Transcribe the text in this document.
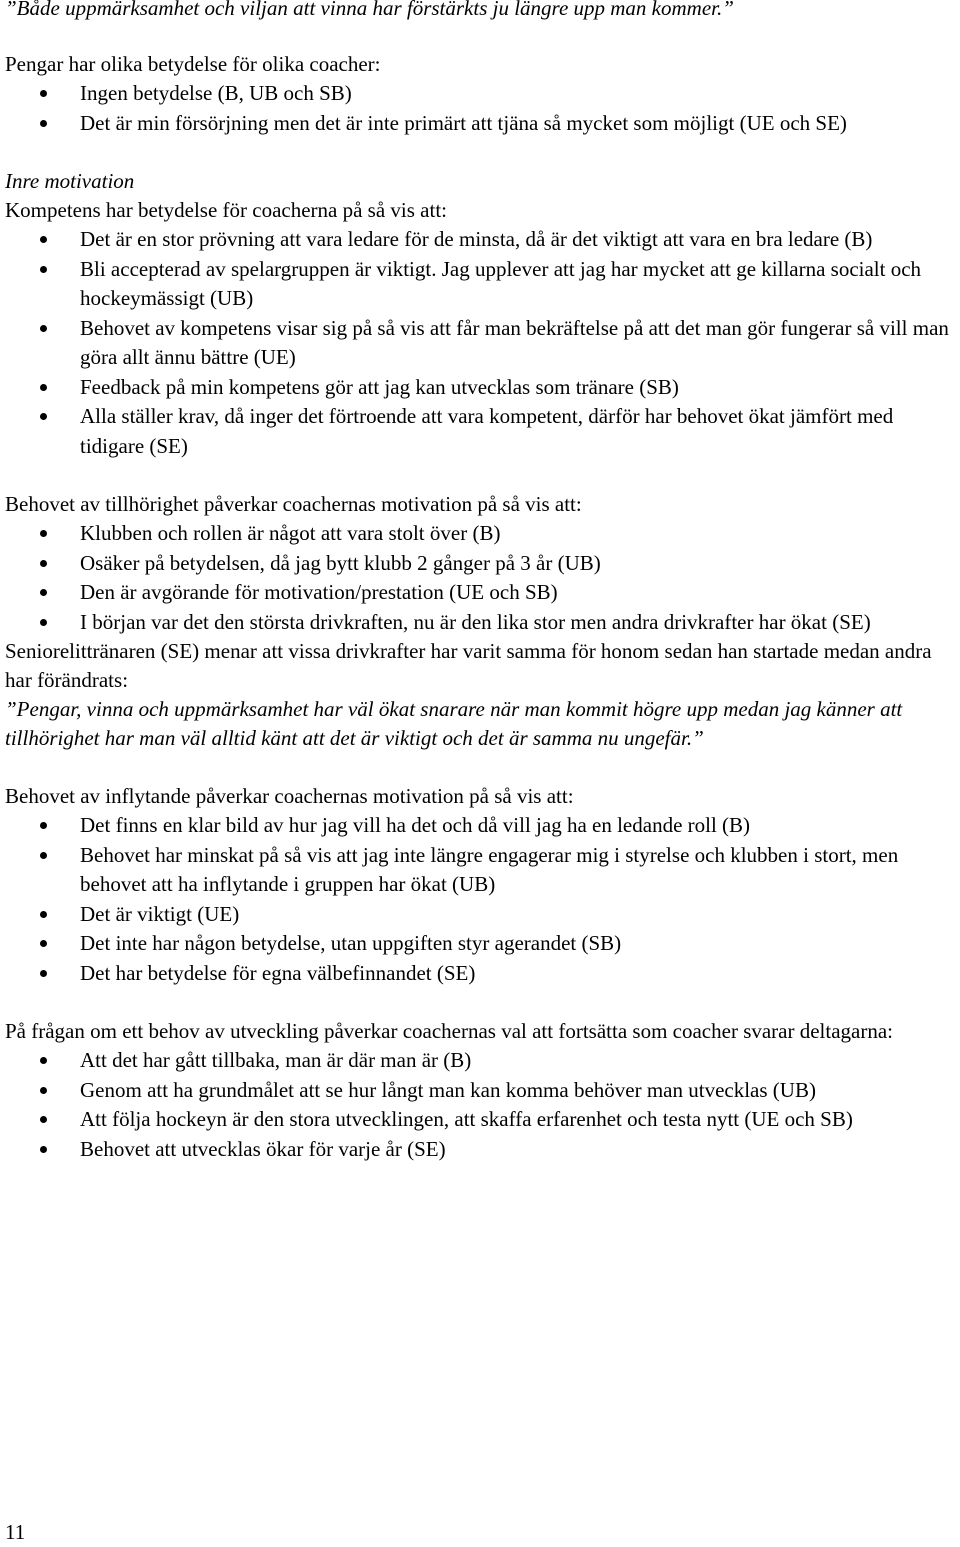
”Både uppmärksamhet och viljan att vinna har förstärkts ju längre upp man kommer.”

Pengar har olika betydelse för olika coacher:

Ingen betydelse (B, UB och SB)
Det är min försörjning men det är inte primärt att tjäna så mycket som möjligt (UE och SE)

Inre motivation

Kompetens har betydelse för coacherna på så vis att:

Det är en stor prövning att vara ledare för de minsta, då är det viktigt att vara en bra ledare (B)
Bli accepterad av spelargruppen är viktigt. Jag upplever att jag har mycket att ge killarna socialt och hockeymässigt (UB)
Behovet av kompetens visar sig på så vis att får man bekräftelse på att det man gör fungerar så vill man göra allt ännu bättre (UE)
Feedback på min kompetens gör att jag kan utvecklas som tränare (SB)
Alla ställer krav, då inger det förtroende att vara kompetent, därför har behovet ökat jämfört med tidigare (SE)

Behovet av tillhörighet påverkar coachernas motivation på så vis att:

Klubben och rollen är något att vara stolt över (B)
Osäker på betydelsen, då jag bytt klubb 2 gånger på 3 år (UB)
Den är avgörande för motivation/prestation (UE och SB)
I början var det den största drivkraften, nu är den lika stor men andra drivkrafter har ökat (SE)

Seniorelittränaren (SE) menar att vissa drivkrafter har varit samma för honom sedan han startade medan andra har förändrats:

”Pengar, vinna och uppmärksamhet har väl ökat snarare när man kommit högre upp medan jag känner att tillhörighet har man väl alltid känt att det är viktigt och det är samma nu ungefär.”

Behovet av inflytande påverkar coachernas motivation på så vis att:

Det finns en klar bild av hur jag vill ha det och då vill jag ha en ledande roll (B)
Behovet har minskat på så vis att jag inte längre engagerar mig i styrelse och klubben i stort, men behovet att ha inflytande i gruppen har ökat (UB)
Det är viktigt (UE)
Det inte har någon betydelse, utan uppgiften styr agerandet (SB)
Det har betydelse för egna välbefinnandet (SE)

På frågan om ett behov av utveckling påverkar coachernas val att fortsätta som coacher svarar deltagarna:

Att det har gått tillbaka, man är där man är (B)
Genom att ha grundmålet att se hur långt man kan komma behöver man utvecklas (UB)
Att följa hockeyn är den stora utvecklingen, att skaffa erfarenhet och testa nytt (UE och SB)
Behovet att utvecklas ökar för varje år (SE)

11
